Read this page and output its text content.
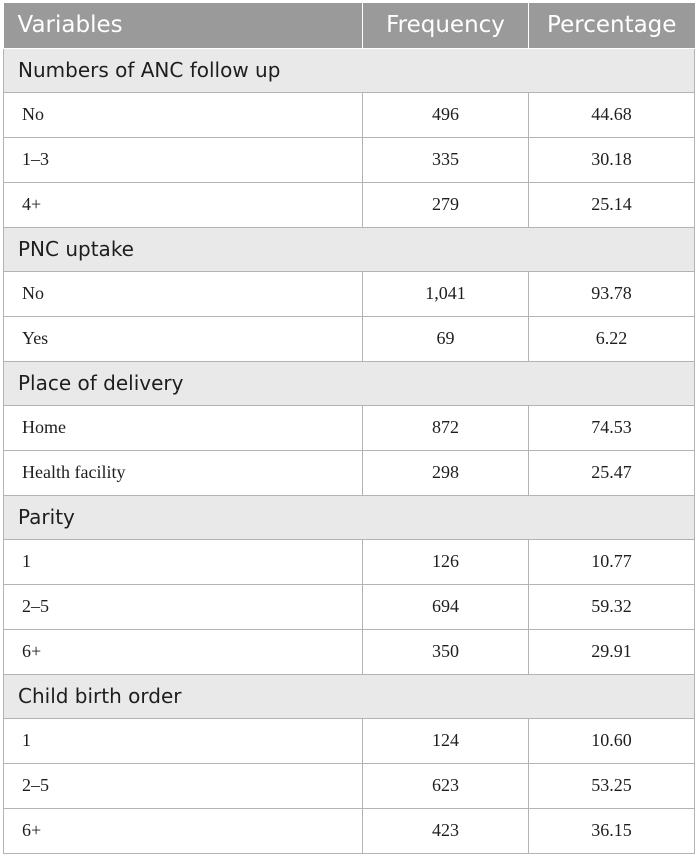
Variables	Frequency	Percentage
Numbers of ANC follow up		
No	496	44.68
1–3	335	30.18
4+	279	25.14
PNC uptake		
No	1,041	93.78
Yes	69	6.22
Place of delivery		
Home	872	74.53
Health facility	298	25.47
Parity		
1	126	10.77
2–5	694	59.32
6+	350	29.91
Child birth order		
1	124	10.60
2–5	623	53.25
6+	423	36.15
